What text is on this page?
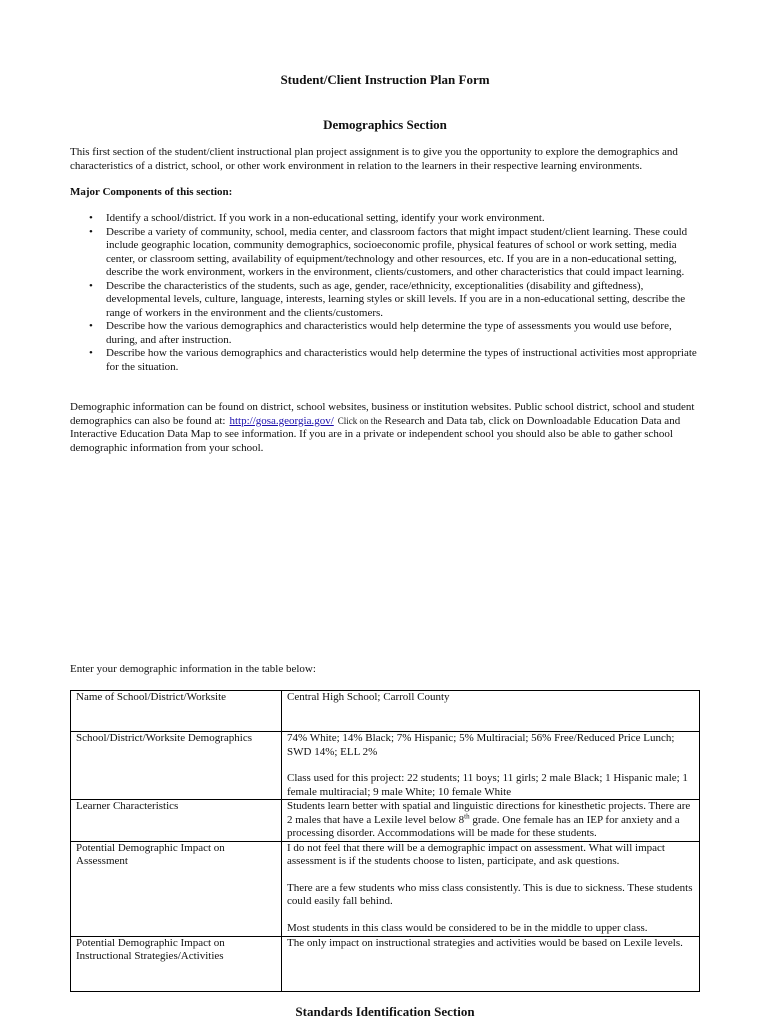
Student/Client Instruction Plan Form
Demographics Section

This first section of the student/client instructional plan project assignment is to give you the opportunity to explore the demographics and characteristics of a district, school, or other work environment in relation to the learners in their respective learning environments.

Major Components of this section:

• Identify a school/district. If you work in a non-educational setting, identify your work environment.
• Describe a variety of community, school, media center, and classroom factors that might impact student/client learning. These could include geographic location, community demographics, socioeconomic profile, physical features of school or work setting, media center, or classroom setting, availability of equipment/technology and other resources, etc. If you are in a non-educational setting, describe the work environment, workers in the environment, clients/customers, and other characteristics that could impact learning.
• Describe the characteristics of the students, such as age, gender, race/ethnicity, exceptionalities (disability and giftedness), developmental levels, culture, language, interests, learning styles or skill levels. If you are in a non-educational setting, describe the range of workers in the environment and the clients/customers.
• Describe how the various demographics and characteristics would help determine the type of assessments you would use before, during, and after instruction.
• Describe how the various demographics and characteristics would help determine the types of instructional activities most appropriate for the situation.

Demographic information can be found on district, school websites, business or institution websites. Public school district, school and student demographics can also be found at: http://gosa.georgia.gov/ Click on the Research and Data tab, click on Downloadable Education Data and Interactive Education Data Map to see information. If you are in a private or independent school you should also be able to gather school demographic information from your school.

Enter your demographic information in the table below:

Name of School/District/Worksite	Central High School; Carroll County
School/District/Worksite Demographics	74% White; 14% Black; 7% Hispanic; 5% Multiracial; 56% Free/Reduced Price Lunch; SWD 14%; ELL 2%
Class used for this project: 22 students; 11 boys; 11 girls; 2 male Black; 1 Hispanic male; 1 female multiracial; 9 male White; 10 female White
Learner Characteristics	Students learn better with spatial and linguistic directions for kinesthetic projects. There are 2 males that have a Lexile level below 8th grade. One female has an IEP for anxiety and a processing disorder. Accommodations will be made for these students.
Potential Demographic Impact on Assessment	I do not feel that there will be a demographic impact on assessment. What will impact assessment is if the students choose to listen, participate, and ask questions.
There are a few students who miss class consistently. This is due to sickness. These students could easily fall behind.
Most students in this class would be considered to be in the middle to upper class.
Potential Demographic Impact on Instructional Strategies/Activities	The only impact on instructional strategies and activities would be based on Lexile levels.
Standards Identification Section
